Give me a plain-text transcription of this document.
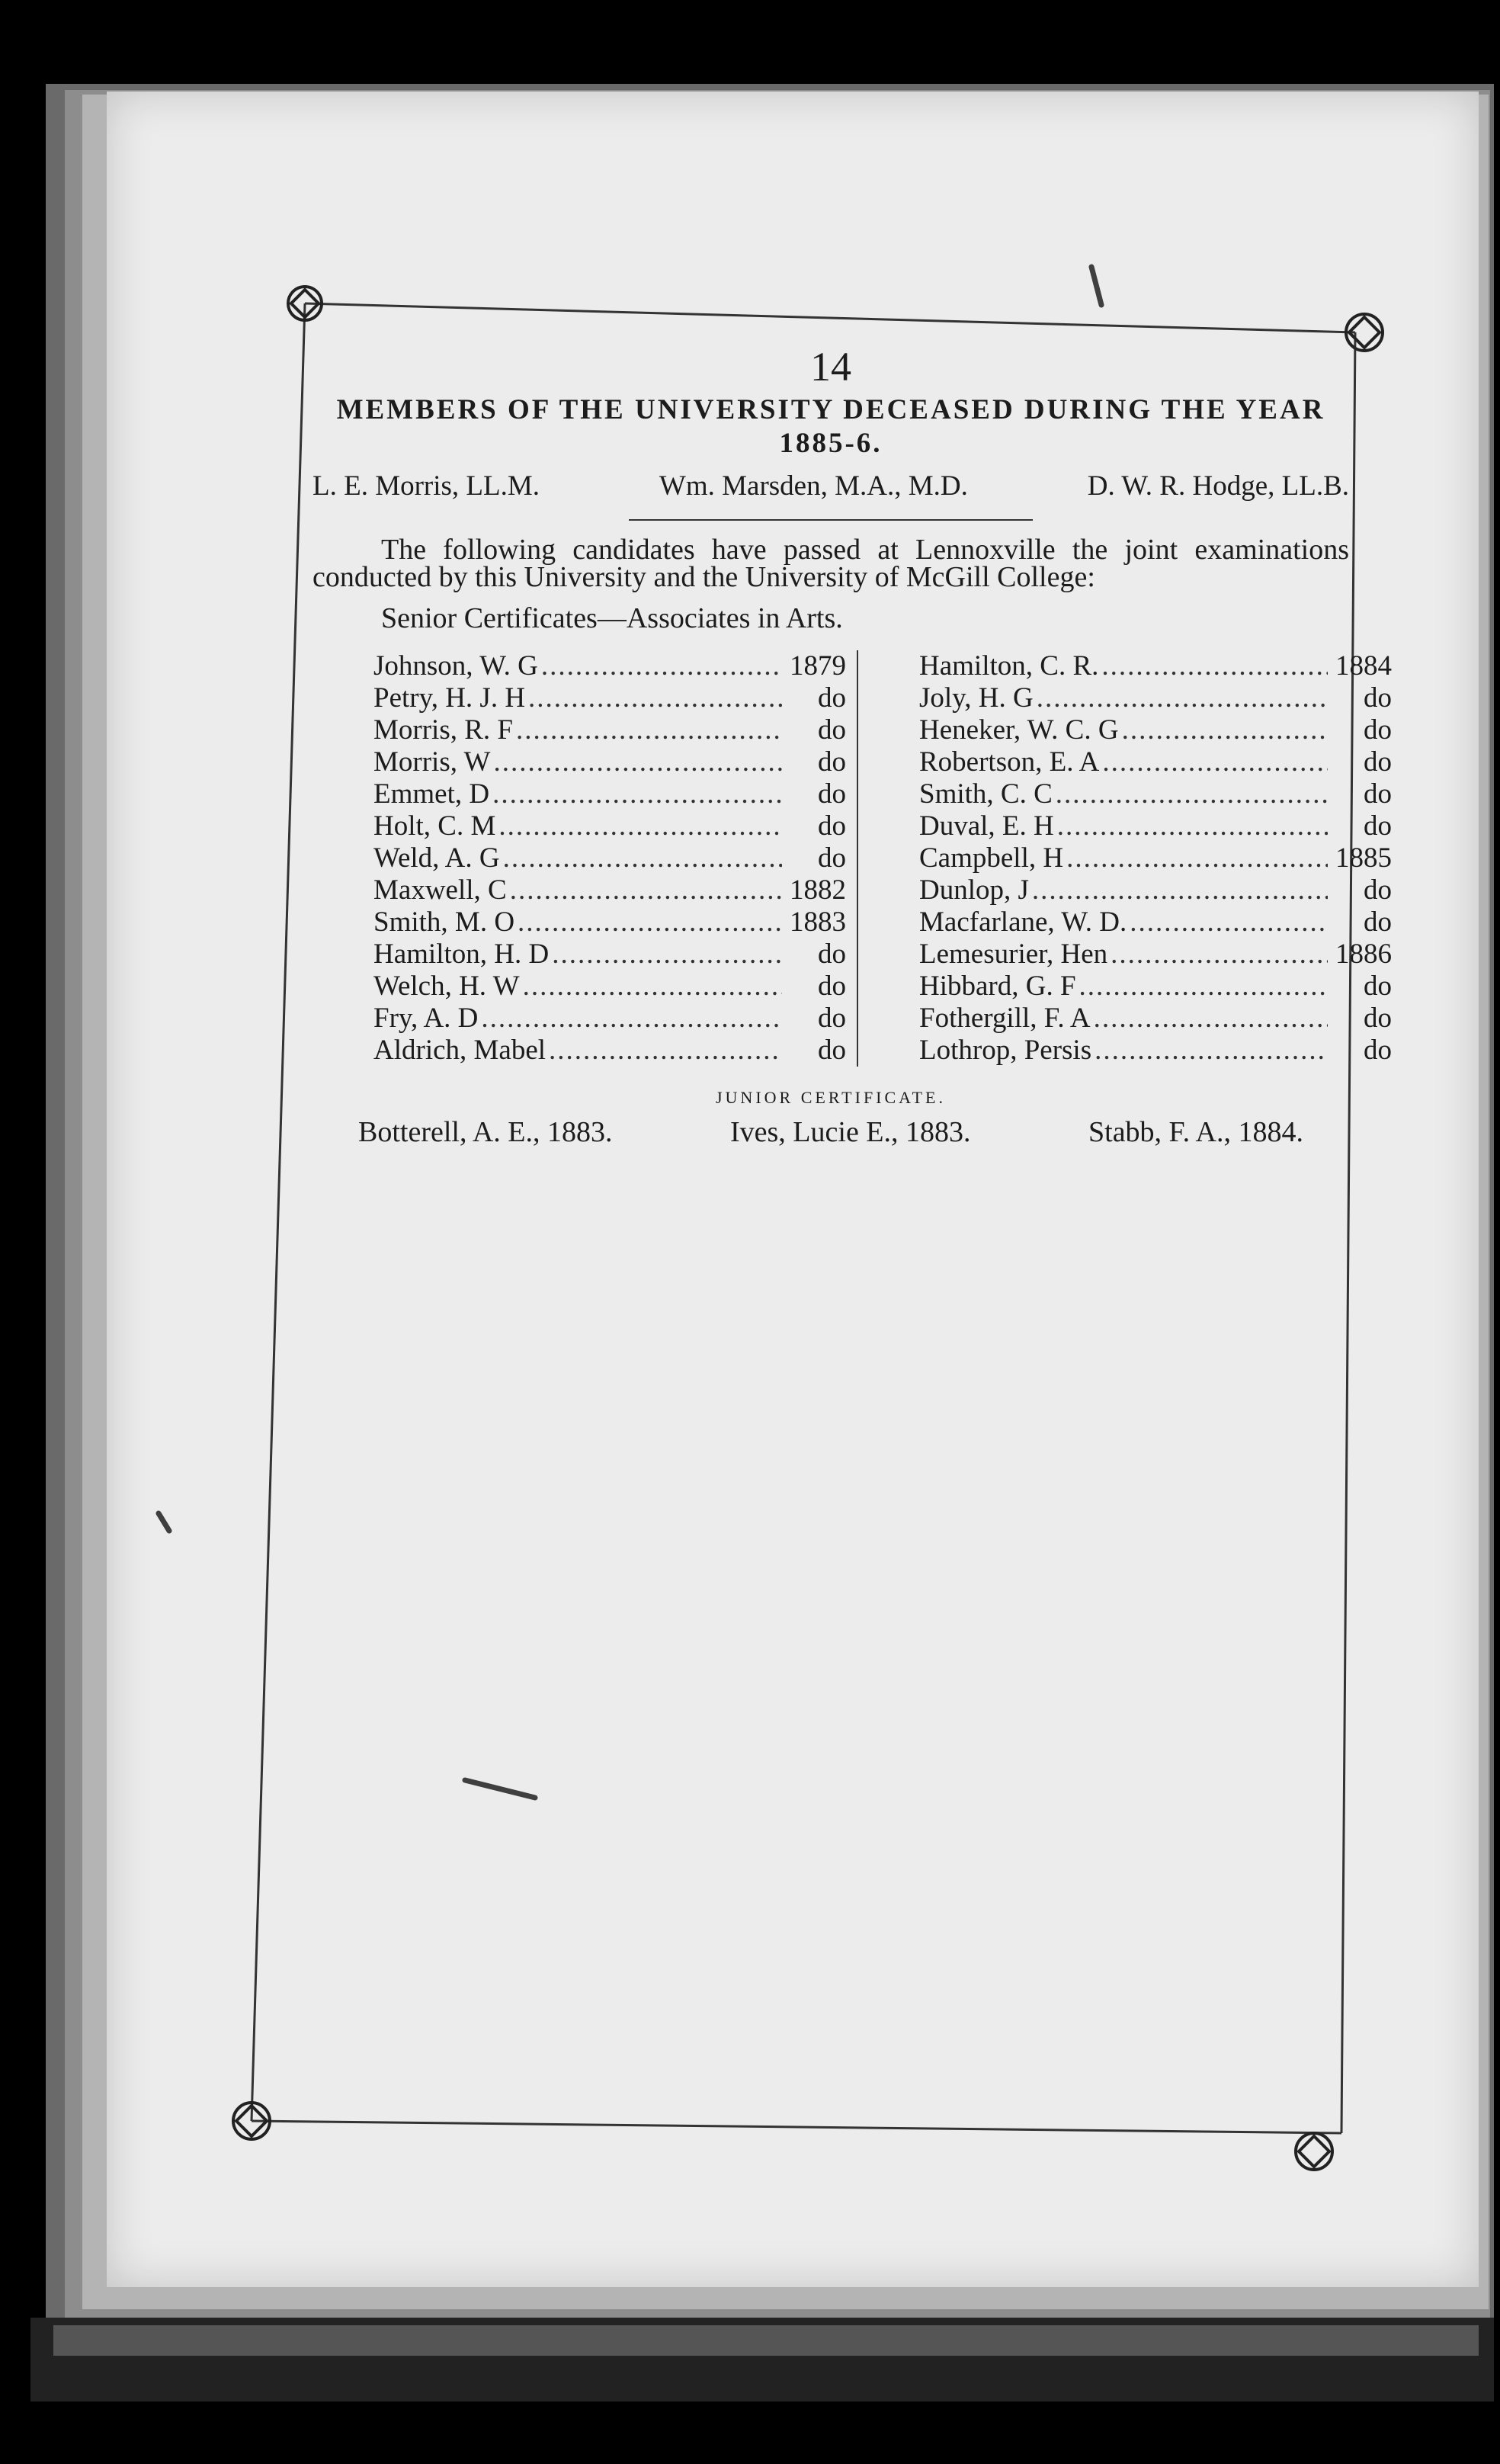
14
MEMBERS OF THE UNIVERSITY DECEASED DURING THE YEAR 1885-6.
L. E. Morris, LL.M.	Wm. Marsden, M.A., M.D.	D. W. R. Hodge, LL.B.

The following candidates have passed at Lennoxville the joint examinations conducted by this University and the University of McGill College:

Senior Certificates—Associates in Arts.
Johnson, W. G .....	1879
Petry, H. J. H .....	do
Morris, R. F .....	do
Morris, W .....	do
Emmet, D .....	do
Holt, C. M .....	do
Weld, A. G .....	do
Maxwell, C .....	1882
Smith, M. O .....	1883
Hamilton, H. D .....	do
Welch, H. W .....	do
Fry, A. D .....	do
Aldrich, Mabel .....	do
Hamilton, C. R. .....	1884
Joly, H. G .....	do
Heneker, W. C. G .....	do
Robertson, E. A .....	do
Smith, C. C .....	do
Duval, E. H .....	do
Campbell, H .....	1885
Dunlop, J .....	do
Macfarlane, W. D. .....	do
Lemesurier, Hen .....	1886
Hibbard, G. F .....	do
Fothergill, F. A .....	do
Lothrop, Persis .....	do
JUNIOR CERTIFICATE.
Botterell, A. E., 1883.	Ives, Lucie E., 1883.	Stabb, F. A., 1884.
